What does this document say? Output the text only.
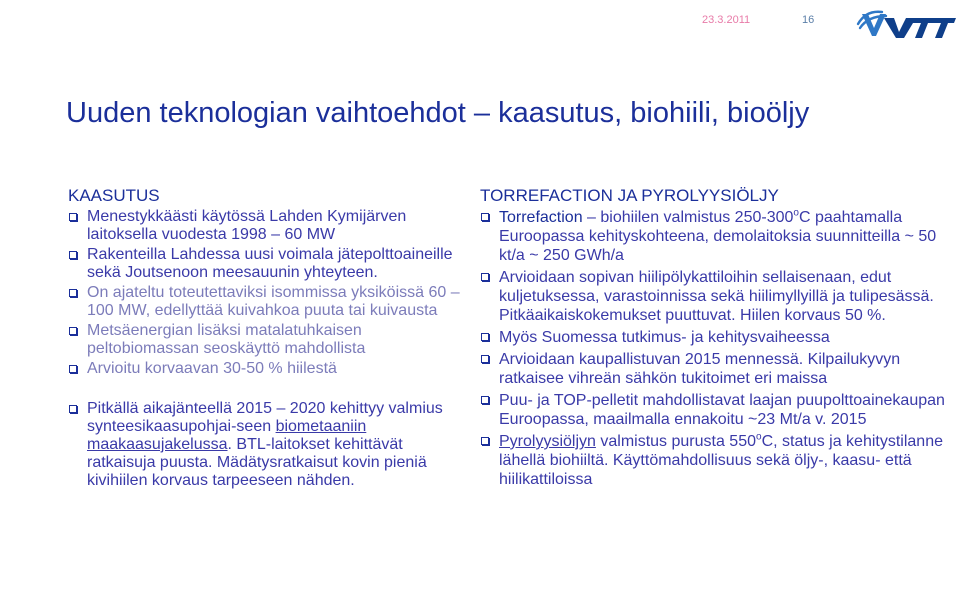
23.3.2011	16
Uuden teknologian vaihtoehdot – kaasutus, biohiili, bioöljy
KAASUTUS
Menestykkäästi käytössä Lahden Kymijärven laitoksella vuodesta 1998 – 60 MW
Rakenteilla Lahdessa uusi voimala jätepolttoaineille sekä Joutsenoon meesauunin yhteyteen.
On ajateltu toteutettaviksi isommissa yksiköissä 60 – 100 MW, edellyttää kuivahkoa puuta tai kuivausta
Metsäenergian lisäksi matalatuhkaisen peltobiomassan seoskäyttö mahdollista
Arvioitu korvaavan 30-50 % hiilestä
Pitkällä aikajänteellä 2015 – 2020 kehittyy valmius synteesikaasupohjai-seen biometaaniin maakaasujakelussa. BTL-laitokset kehittävät ratkaisuja puusta. Mädätysratkaisut kovin pieniä kivihiilen korvaus tarpeeseen nähden.
TORREFACTION JA PYROLYYSIÖLJY
Torrefaction – biohiilen valmistus 250-300$^o$C paahtamalla Euroopassa kehityskohteena, demolaitoksia suunnitteilla ~ 50 kt/a ~ 250 GWh/a
Arvioidaan sopivan hiilipölykattiloihin sellaisenaan, edut kuljetuksessa, varastoinnissa sekä hiilimyllyillä ja tulipesässä. Pitkäaikaiskokemukset puuttuvat. Hiilen korvaus 50 %.
Myös Suomessa tutkimus- ja kehitysvaiheessa
Arvioidaan kaupallistuvan 2015 mennessä. Kilpailukyvyn ratkaisee vihreän sähkön tukitoimet eri maissa
Puu- ja TOP-pelletit mahdollistavat laajan puupolttoainekaupan Euroopassa, maailmalla ennakoitu ~23 Mt/a v. 2015
Pyrolyysiöljyn valmistus purusta 550$^o$C, status ja kehitystilanne lähellä biohiiltä. Käyttömahdollisuus sekä öljy-, kaasu- että hiilikattiloissa
